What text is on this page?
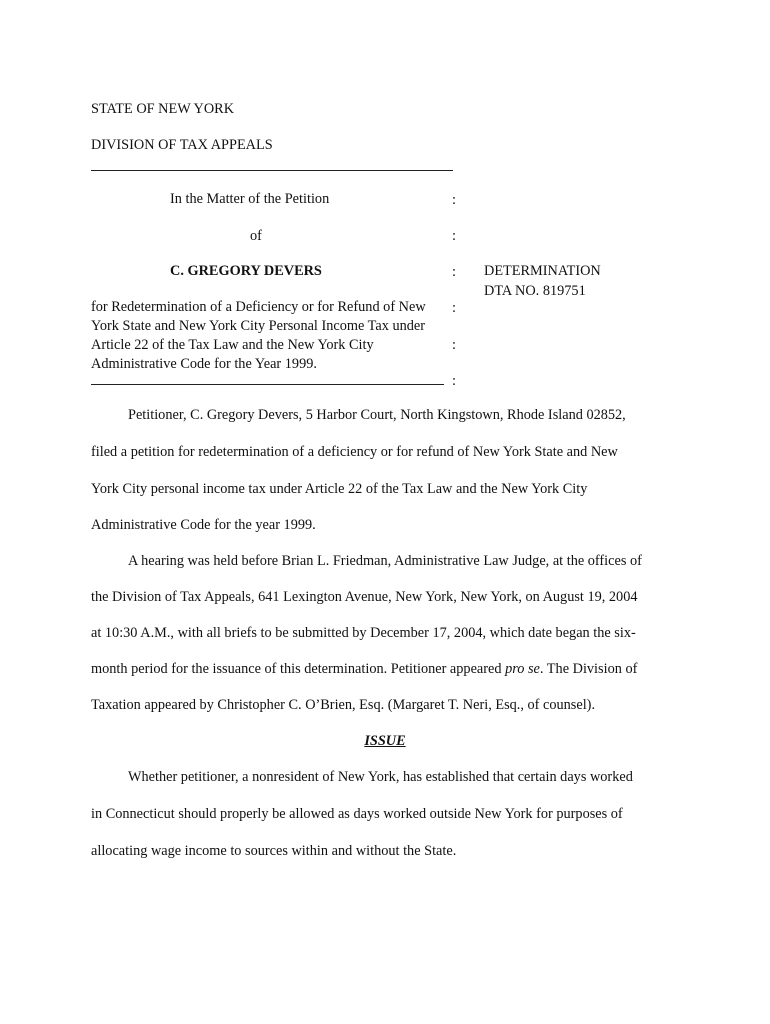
STATE OF NEW YORK
DIVISION OF TAX APPEALS
In the Matter of the Petition
of
C. GREGORY DEVERS
for Redetermination of a Deficiency or for Refund of New York State and New York City Personal Income Tax under Article 22 of the Tax Law and the New York City Administrative Code for the Year 1999.
:
:
:
:
:
:
DETERMINATION
DTA NO. 819751
Petitioner, C. Gregory Devers, 5 Harbor Court, North Kingstown, Rhode Island 02852,
filed a petition for redetermination of a deficiency or for refund of New York State and New
York City personal income tax under Article 22 of the Tax Law and the New York City
Administrative Code for the year 1999.
A hearing was held before Brian L. Friedman, Administrative Law Judge, at the offices of
the Division of Tax Appeals, 641 Lexington Avenue, New York, New York, on August 19, 2004
at 10:30 A.M., with all briefs to be submitted by December 17, 2004, which date began the six-
month period for the issuance of this determination. Petitioner appeared pro se. The Division of
Taxation appeared by Christopher C. O’Brien, Esq. (Margaret T. Neri, Esq., of counsel).
ISSUE
Whether petitioner, a nonresident of New York, has established that certain days worked
in Connecticut should properly be allowed as days worked outside New York for purposes of
allocating wage income to sources within and without the State.
